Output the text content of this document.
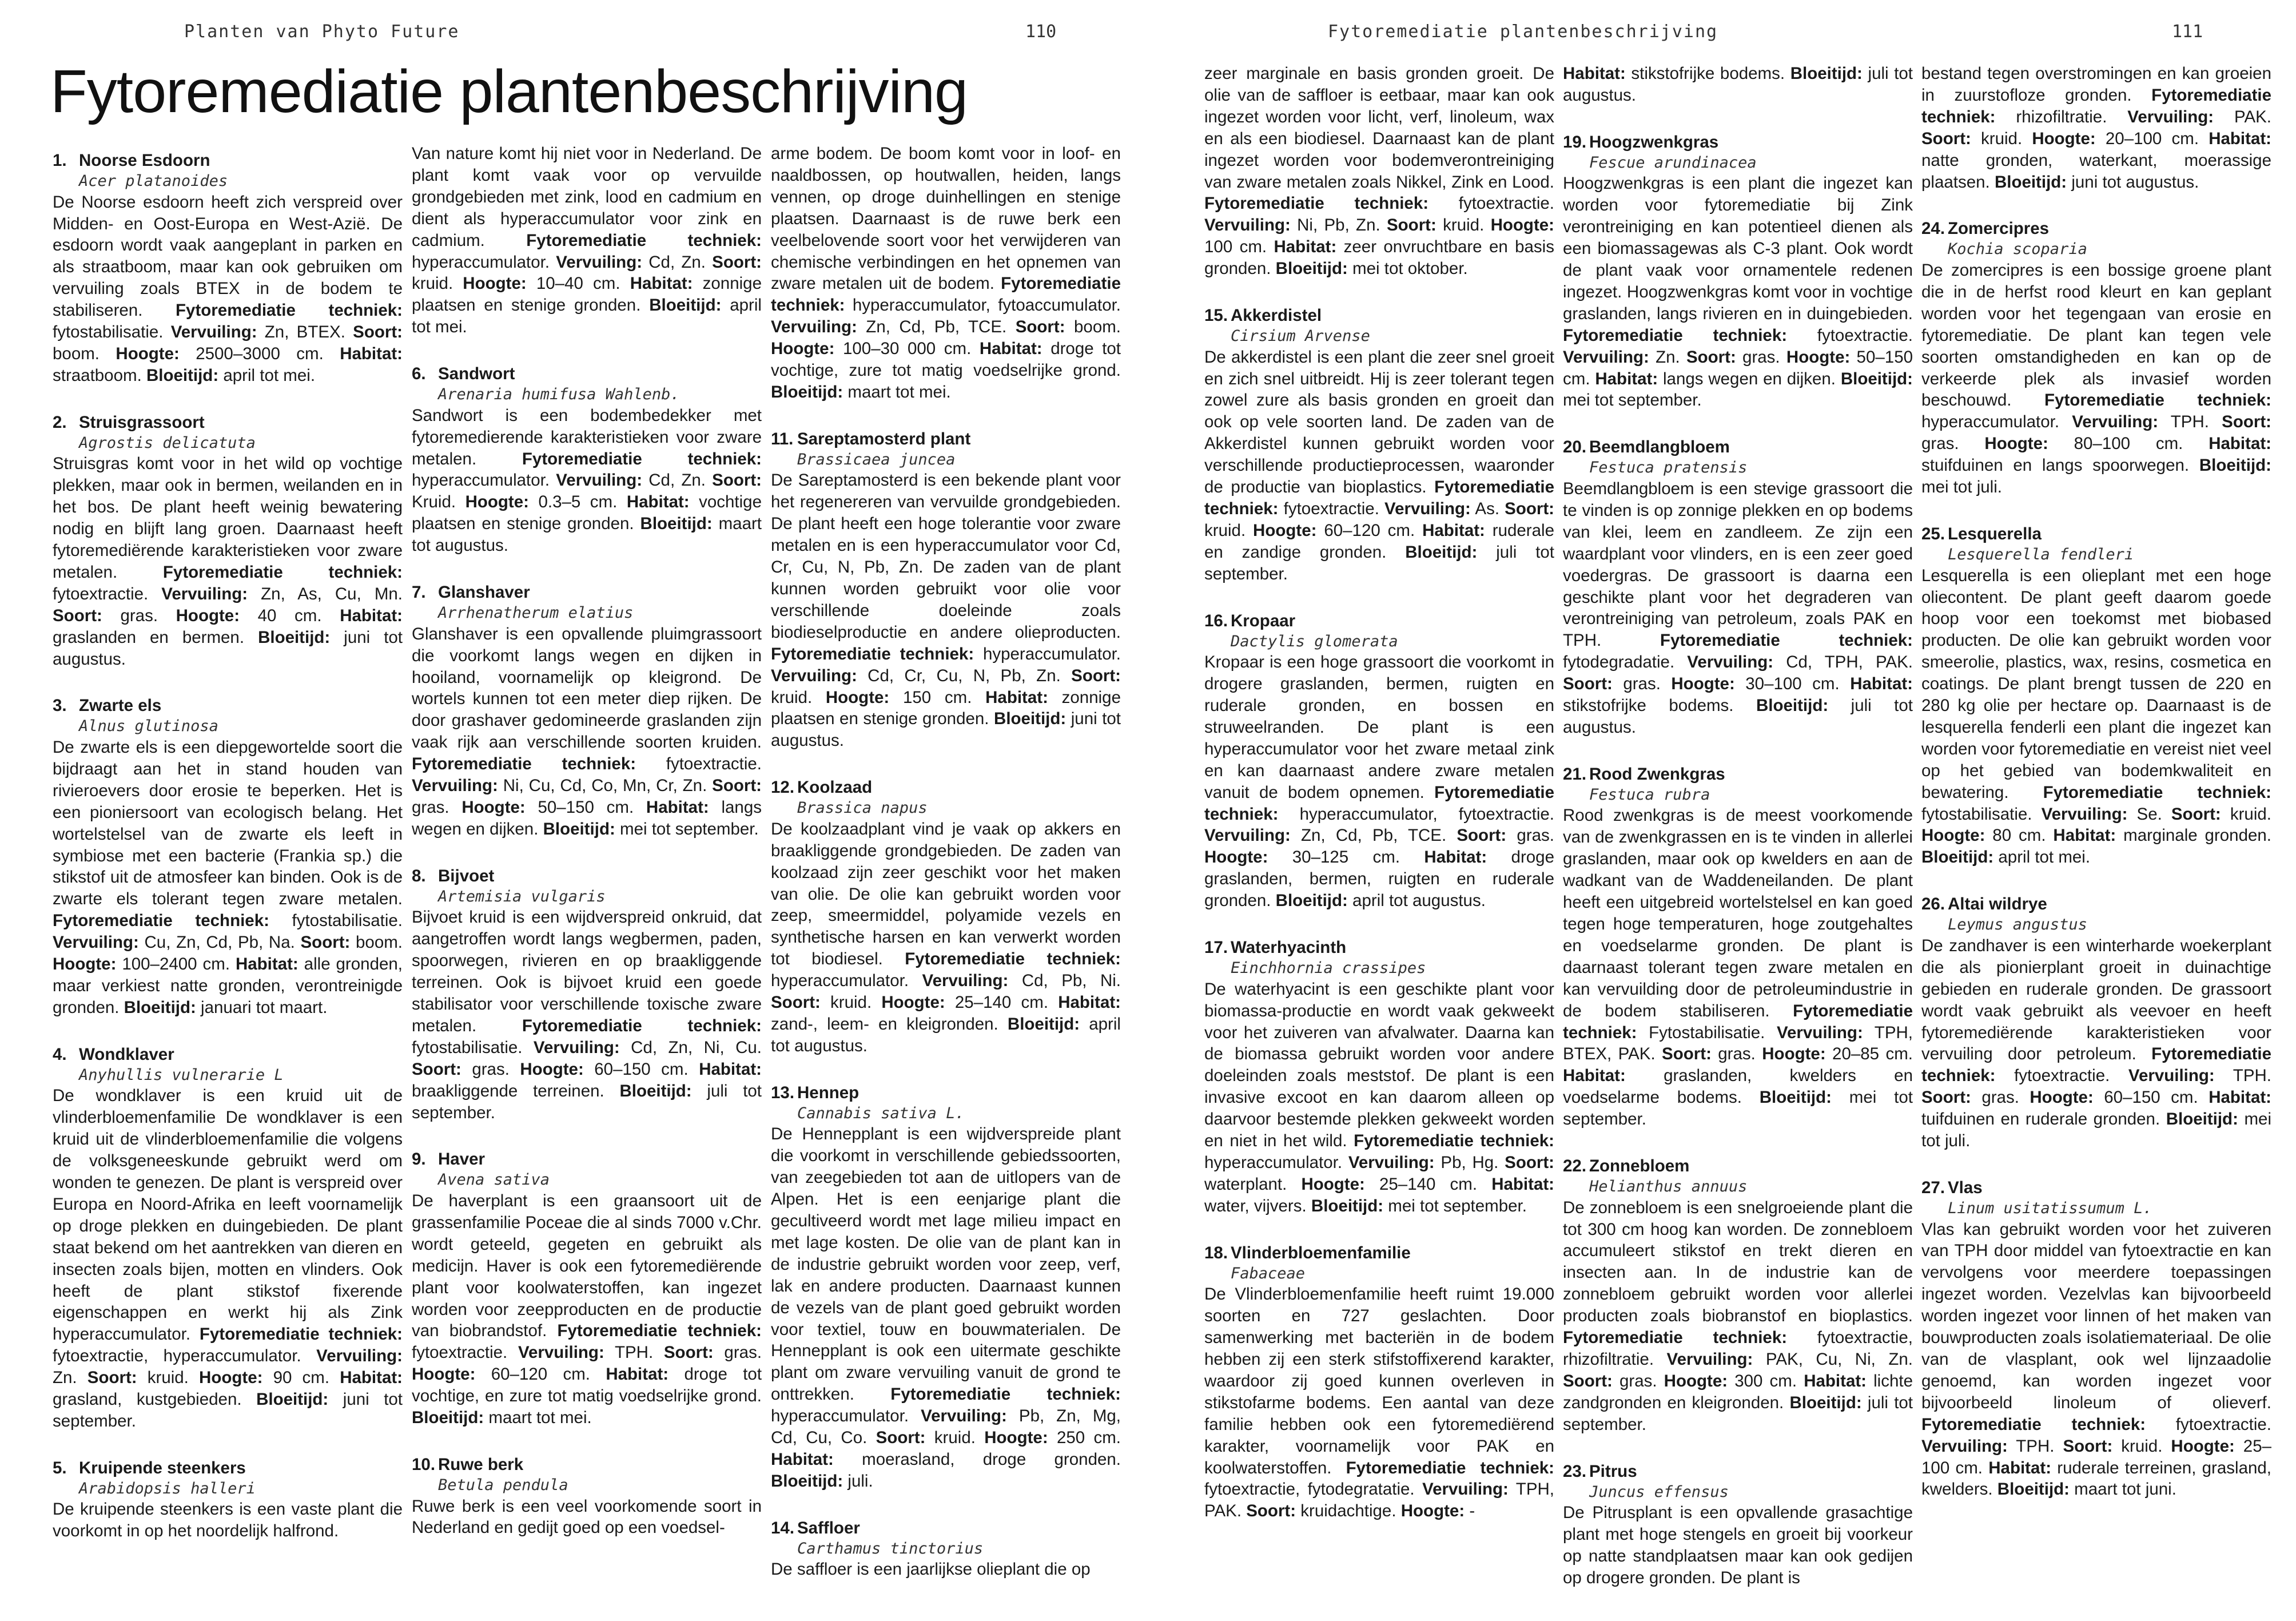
Planten van Phyto Future	110
Fytoremediatie plantenbeschrijving
Fytoremediatie plantenbeschrijving	111

1. Noorse Esdoorn

Acer platanoides

De Noorse esdoorn heeft zich verspreid over Midden- en Oost-Europa en West-Azië. De esdoorn wordt vaak aangeplant in parken en als straatboom, maar kan ook gebruiken om vervuiling zoals BTEX in de bodem te stabiliseren. Fytoremediatie techniek: fytostabilisatie. Vervuiling: Zn, BTEX. Soort: boom. Hoogte: 2500–3000 cm. Habitat: straatboom. Bloeitijd: april tot mei.

2. Struisgrassoort

Agrostis delicatuta

Struisgras komt voor in het wild op vochtige plekken, maar ook in bermen, weilanden en in het bos. De plant heeft weinig bewatering nodig en blijft lang groen. Daarnaast heeft fytoremediërende karakteristieken voor zware metalen. Fytoremediatie techniek: fytoextractie. Vervuiling: Zn, As, Cu, Mn. Soort: gras. Hoogte: 40 cm. Habitat: graslanden en bermen. Bloeitijd: juni tot augustus.

3. Zwarte els

Alnus glutinosa

De zwarte els is een diepgewortelde soort die bijdraagt aan het in stand houden van rivieroevers door erosie te beperken. Het is een pioniersoort van ecologisch belang. Het wortelstelsel van de zwarte els leeft in symbiose met een bacterie (Frankia sp.) die stikstof uit de atmosfeer kan binden. Ook is de zwarte els tolerant tegen zware metalen. Fytoremediatie techniek: fytostabilisatie. Vervuiling: Cu, Zn, Cd, Pb, Na. Soort: boom. Hoogte: 100–2400 cm. Habitat: alle gronden, maar verkiest natte gronden, verontreinigde gronden. Bloeitijd: januari tot maart.

4. Wondklaver

Anyhullis vulnerarie L

De wondklaver is een kruid uit de vlinderbloemenfamilie De wondklaver is een kruid uit de vlinderbloemenfamilie die volgens de volksgeneeskunde gebruikt werd om wonden te genezen. De plant is verspreid over Europa en Noord-Afrika en leeft voornamelijk op droge plekken en duingebieden. De plant staat bekend om het aantrekken van dieren en insecten zoals bijen, motten en vlinders. Ook heeft de plant stikstof fixerende eigenschappen en werkt hij als Zink hyperaccumulator. Fytoremediatie techniek: fytoextractie, hyperaccumulator. Vervuiling: Zn. Soort: kruid. Hoogte: 90 cm. Habitat: grasland, kustgebieden. Bloeitijd: juni tot september.

5. Kruipende steenkers

Arabidopsis halleri

De kruipende steenkers is een vaste plant die voorkomt in op het noordelijk halfrond.

Van nature komt hij niet voor in Nederland. De plant komt vaak voor op vervuilde grondgebieden met zink, lood en cadmium en dient als hyperaccumulator voor zink en cadmium. Fytoremediatie techniek: hyperaccumulator. Vervuiling: Cd, Zn. Soort: kruid. Hoogte: 10–40 cm. Habitat: zonnige plaatsen en stenige gronden. Bloeitijd: april tot mei.

6. Sandwort

Arenaria humifusa Wahlenb.

Sandwort is een bodembedekker met fytoremedierende karakteristieken voor zware metalen. Fytoremediatie techniek: hyperaccumulator. Vervuiling: Cd, Zn. Soort: Kruid. Hoogte: 0.3–5 cm. Habitat: vochtige plaatsen en stenige gronden. Bloeitijd: maart tot augustus.

7. Glanshaver

Arrhenatherum elatius

Glanshaver is een opvallende pluimgrassoort die voorkomt langs wegen en dijken in hooiland, voornamelijk op kleigrond. De wortels kunnen tot een meter diep rijken. De door grashaver gedomineerde graslanden zijn vaak rijk aan verschillende soorten kruiden. Fytoremediatie techniek: fytoextractie. Vervuiling: Ni, Cu, Cd, Co, Mn, Cr, Zn. Soort: gras. Hoogte: 50–150 cm. Habitat: langs wegen en dijken. Bloeitijd: mei tot september.

8. Bijvoet

Artemisia vulgaris

Bijvoet kruid is een wijdverspreid onkruid, dat aangetroffen wordt langs wegbermen, paden, spoorwegen, rivieren en op braakliggende terreinen. Ook is bijvoet kruid een goede stabilisator voor verschillende toxische zware metalen. Fytoremediatie techniek: fytostabilisatie. Vervuiling: Cd, Zn, Ni, Cu. Soort: gras. Hoogte: 60–150 cm. Habitat: braakliggende terreinen. Bloeitijd: juli tot september.

9. Haver

Avena sativa

De haverplant is een graansoort uit de grassenfamilie Poceae die al sinds 7000 v.Chr. wordt geteeld, gegeten en gebruikt als medicijn. Haver is ook een fytoremediërende plant voor koolwaterstoffen, kan ingezet worden voor zeepproducten en de productie van biobrandstof. Fytoremediatie techniek: fytoextractie. Vervuiling: TPH. Soort: gras. Hoogte: 60–120 cm. Habitat: droge tot vochtige, en zure tot matig voedselrijke grond. Bloeitijd: maart tot mei.

10. Ruwe berk

Betula pendula

Ruwe berk is een veel voorkomende soort in Nederland en gedijt goed op een voedsel-

arme bodem. De boom komt voor in loof- en naaldbossen, op houtwallen, heiden, langs vennen, op droge duinhellingen en stenige plaatsen. Daarnaast is de ruwe berk een veelbelovende soort voor het verwijderen van chemische verbindingen en het opnemen van zware metalen uit de bodem. Fytoremediatie techniek: hyperaccumulator, fytoaccumulator. Vervuiling: Zn, Cd, Pb, TCE. Soort: boom. Hoogte: 100–30 000 cm. Habitat: droge tot vochtige, zure tot matig voedselrijke grond. Bloeitijd: maart tot mei.

11. Sareptamosterd plant

Brassicaea juncea

De Sareptamosterd is een bekende plant voor het regenereren van vervuilde grondgebieden. De plant heeft een hoge tolerantie voor zware metalen en is een hyperaccumulator voor Cd, Cr, Cu, N, Pb, Zn. De zaden van de plant kunnen worden gebruikt voor olie voor verschillende doeleinde zoals biodieselproductie en andere olieproducten. Fytoremediatie techniek: hyperaccumulator. Vervuiling: Cd, Cr, Cu, N, Pb, Zn. Soort: kruid. Hoogte: 150 cm. Habitat: zonnige plaatsen en stenige gronden. Bloeitijd: juni tot augustus.

12. Koolzaad

Brassica napus

De koolzaadplant vind je vaak op akkers en braakliggende grondgebieden. De zaden van koolzaad zijn zeer geschikt voor het maken van olie. De olie kan gebruikt worden voor zeep, smeermiddel, polyamide vezels en synthetische harsen en kan verwerkt worden tot biodiesel. Fytoremediatie techniek: hyperaccumulator. Vervuiling: Cd, Pb, Ni. Soort: kruid. Hoogte: 25–140 cm. Habitat: zand-, leem- en kleigronden. Bloeitijd: april tot augustus.

13. Hennep

Cannabis sativa L.

De Hennepplant is een wijdverspreide plant die voorkomt in verschillende gebiedssoorten, van zeegebieden tot aan de uitlopers van de Alpen. Het is een eenjarige plant die gecultiveerd wordt met lage milieu impact en met lage kosten. De olie van de plant kan in de industrie gebruikt worden voor zeep, verf, lak en andere producten. Daarnaast kunnen de vezels van de plant goed gebruikt worden voor textiel, touw en bouwmaterialen. De Hennepplant is ook een uitermate geschikte plant om zware vervuiling vanuit de grond te onttrekken. Fytoremediatie techniek: hyperaccumulator. Vervuiling: Pb, Zn, Mg, Cd, Cu, Co. Soort: kruid. Hoogte: 250 cm. Habitat: moerasland, droge gronden. Bloeitijd: juli.

14. Saffloer

Carthamus tinctorius

De saffloer is een jaarlijkse olieplant die op

zeer marginale en basis gronden groeit. De olie van de saffloer is eetbaar, maar kan ook ingezet worden voor licht, verf, linoleum, wax en als een biodiesel. Daarnaast kan de plant ingezet worden voor bodemverontreiniging van zware metalen zoals Nikkel, Zink en Lood. Fytoremediatie techniek: fytoextractie. Vervuiling: Ni, Pb, Zn. Soort: kruid. Hoogte: 100 cm. Habitat: zeer onvruchtbare en basis gronden. Bloeitijd: mei tot oktober.

15. Akkerdistel

Cirsium Arvense

De akkerdistel is een plant die zeer snel groeit en zich snel uitbreidt. Hij is zeer tolerant tegen zowel zure als basis gronden en groeit dan ook op vele soorten land. De zaden van de Akkerdistel kunnen gebruikt worden voor verschillende productieprocessen, waaronder de productie van bioplastics. Fytoremediatie techniek: fytoextractie. Vervuiling: As. Soort: kruid. Hoogte: 60–120 cm. Habitat: ruderale en zandige gronden. Bloeitijd: juli tot september.

16. Kropaar

Dactylis glomerata

Kropaar is een hoge grassoort die voorkomt in drogere graslanden, bermen, ruigten en ruderale gronden, en bossen en struweelranden. De plant is een hyperaccumulator voor het zware metaal zink en kan daarnaast andere zware metalen vanuit de bodem opnemen. Fytoremediatie techniek: hyperaccumulator, fytoextractie. Vervuiling: Zn, Cd, Pb, TCE. Soort: gras. Hoogte: 30–125 cm. Habitat: droge graslanden, bermen, ruigten en ruderale gronden. Bloeitijd: april tot augustus.

17. Waterhyacinth

Einchhornia crassipes

De waterhyacint is een geschikte plant voor biomassa-productie en wordt vaak gekweekt voor het zuiveren van afvalwater. Daarna kan de biomassa gebruikt worden voor andere doeleinden zoals meststof. De plant is een invasive excoot en kan daarom alleen op daarvoor bestemde plekken gekweekt worden en niet in het wild. Fytoremediatie techniek: hyperaccumulator. Vervuiling: Pb, Hg. Soort: waterplant. Hoogte: 25–140 cm. Habitat: water, vijvers. Bloeitijd: mei tot september.

18. Vlinderbloemenfamilie

Fabaceae

De Vlinderbloemenfamilie heeft ruimt 19.000 soorten en 727 geslachten. Door samenwerking met bacteriën in de bodem hebben zij een sterk stifstoffixerend karakter, waardoor zij goed kunnen overleven in stikstofarme bodems. Een aantal van deze familie hebben ook een fytoremediërend karakter, voornamelijk voor PAK en koolwaterstoffen. Fytoremediatie techniek: fytoextractie, fytodegratatie. Vervuiling: TPH, PAK. Soort: kruidachtige. Hoogte: -

Habitat: stikstofrijke bodems. Bloeitijd: juli tot augustus.

19. Hoogzwenkgras

Fescue arundinacea

Hoogzwenkgras is een plant die ingezet kan worden voor fytoremediatie bij Zink verontreiniging en kan potentieel dienen als een biomassagewas als C-3 plant. Ook wordt de plant vaak voor ornamentele redenen ingezet. Hoogzwenkgras komt voor in vochtige graslanden, langs rivieren en in duingebieden. Fytoremediatie techniek: fytoextractie. Vervuiling: Zn. Soort: gras. Hoogte: 50–150 cm. Habitat: langs wegen en dijken. Bloeitijd: mei tot september.

20. Beemdlangbloem

Festuca pratensis

Beemdlangbloem is een stevige grassoort die te vinden is op zonnige plekken en op bodems van klei, leem en zandleem. Ze zijn een waardplant voor vlinders, en is een zeer goed voedergras. De grassoort is daarna een geschikte plant voor het degraderen van verontreiniging van petroleum, zoals PAK en TPH. Fytoremediatie techniek: fytodegradatie. Vervuiling: Cd, TPH, PAK. Soort: gras. Hoogte: 30–100 cm. Habitat: stikstofrijke bodems. Bloeitijd: juli tot augustus.

21. Rood Zwenkgras

Festuca rubra

Rood zwenkgras is de meest voorkomende van de zwenkgrassen en is te vinden in allerlei graslanden, maar ook op kwelders en aan de wadkant van de Waddeneilanden. De plant heeft een uitgebreid wortelstelsel en kan goed tegen hoge temperaturen, hoge zoutgehaltes en voedselarme gronden. De plant is daarnaast tolerant tegen zware metalen en kan vervuilding door de petroleumindustrie in de bodem stabiliseren. Fytoremediatie techniek: Fytostabilisatie. Vervuiling: TPH, BTEX, PAK. Soort: gras. Hoogte: 20–85 cm. Habitat: graslanden, kwelders en voedselarme bodems. Bloeitijd: mei tot september.

22. Zonnebloem

Helianthus annuus

De zonnebloem is een snelgroeiende plant die tot 300 cm hoog kan worden. De zonnebloem accumuleert stikstof en trekt dieren en insecten aan. In de industrie kan de zonnebloem gebruikt worden voor allerlei producten zoals biobranstof en bioplastics. Fytoremediatie techniek: fytoextractie, rhizofiltratie. Vervuiling: PAK, Cu, Ni, Zn. Soort: gras. Hoogte: 300 cm. Habitat: lichte zandgronden en kleigronden. Bloeitijd: juli tot september.

23. Pitrus

Juncus effensus

De Pitrusplant is een opvallende grasachtige plant met hoge stengels en groeit bij voorkeur op natte standplaatsen maar kan ook gedijen op drogere gronden. De plant is

bestand tegen overstromingen en kan groeien in zuurstofloze gronden. Fytoremediatie techniek: rhizofiltratie. Vervuiling: PAK. Soort: kruid. Hoogte: 20–100 cm. Habitat: natte gronden, waterkant, moerassige plaatsen. Bloeitijd: juni tot augustus.

24. Zomercipres

Kochia scoparia

De zomercipres is een bossige groene plant die in de herfst rood kleurt en kan geplant worden voor het tegengaan van erosie en fytoremediatie. De plant kan tegen vele soorten omstandigheden en kan op de verkeerde plek als invasief worden beschouwd. Fytoremediatie techniek: hyperaccumulator. Vervuiling: TPH. Soort: gras. Hoogte: 80–100 cm. Habitat: stuifduinen en langs spoorwegen. Bloeitijd: mei tot juli.

25. Lesquerella

Lesquerella fendleri

Lesquerella is een olieplant met een hoge oliecontent. De plant geeft daarom goede hoop voor een toekomst met biobased producten. De olie kan gebruikt worden voor smeerolie, plastics, wax, resins, cosmetica en coatings. De plant brengt tussen de 220 en 280 kg olie per hectare op. Daarnaast is de lesquerella fenderli een plant die ingezet kan worden voor fytoremediatie en vereist niet veel op het gebied van bodemkwaliteit en bewatering. Fytoremediatie techniek: fytostabilisatie. Vervuiling: Se. Soort: kruid. Hoogte: 80 cm. Habitat: marginale gronden. Bloeitijd: april tot mei.

26. Altai wildrye

Leymus angustus

De zandhaver is een winterharde woekerplant die als pionierplant groeit in duinachtige gebieden en ruderale gronden. De grassoort wordt vaak gebruikt als veevoer en heeft fytoremediërende karakteristieken voor vervuiling door petroleum. Fytoremediatie techniek: fytoextractie. Vervuiling: TPH. Soort: gras. Hoogte: 60–150 cm. Habitat: tuifduinen en ruderale gronden. Bloeitijd: mei tot juli.

27. Vlas

Linum usitatissumum L.

Vlas kan gebruikt worden voor het zuiveren van TPH door middel van fytoextractie en kan vervolgens voor meerdere toepassingen ingezet worden. Vezelvlas kan bijvoorbeeld worden ingezet voor linnen of het maken van bouwproducten zoals isolatiemateriaal. De olie van de vlasplant, ook wel lijnzaadolie genoemd, kan worden ingezet voor bijvoorbeeld linoleum of olieverf. Fytoremediatie techniek: fytoextractie. Vervuiling: TPH. Soort: kruid. Hoogte: 25–100 cm. Habitat: ruderale terreinen, grasland, kwelders. Bloeitijd: maart tot juni.
